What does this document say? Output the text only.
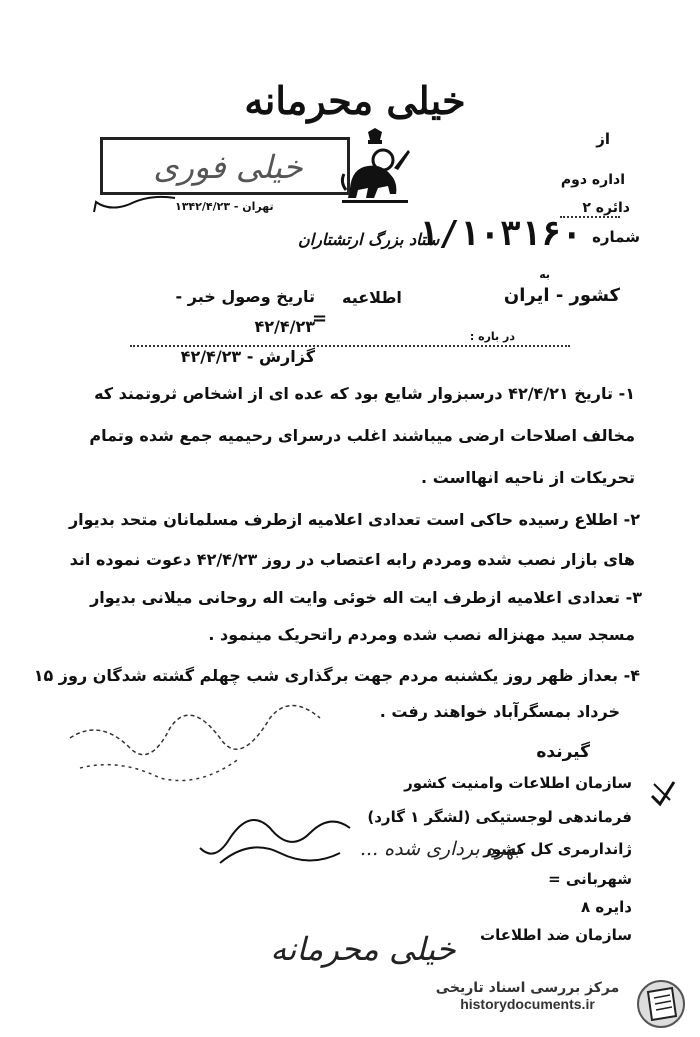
خیلی محرمانه
از
اداره دوم
دائره ۲
شماره
۱/۱۰۳۱۶۰
خیلی فوری
تهران - ۱۳۴۲/۴/۲۳
ستاد بزرگ ارتشتاران
به
کشور - ایران
اطلاعیه
تاریخ وصول خبر - ۴۲/۴/۲۳
گزارش - ۴۲/۴/۲۳
=
در باره :
۱- تاریخ ۴۲/۴/۲۱ درسبزوار شایع بود که عده ای از اشخاص ثروتمند که
مخالف اصلاحات ارضی میباشند اغلب درسرای رحیمیه جمع شده وتمام
تحریکات از ناحیه انهااست .
۲- اطلاع رسیده حاکی است تعدادی اعلامیه ازطرف مسلمانان متحد بدیوار
های بازار نصب شده ومردم رابه اعتصاب در روز ۴۲/۴/۲۳ دعوت نموده اند
۳- تعدادی اعلامیه ازطرف ایت اله خوئی وایت اله روحانی میلانی بدیوار
مسجد سید مهنزاله نصب شده ومردم راتحریک مینمود .
۴- بعداز ظهر روز یکشنبه مردم جهت برگذاری شب چهلم گشته شدگان روز ۱۵
خرداد بمسگرآباد خواهند رفت .
گیرنده
سازمان اطلاعات وامنیت کشور
فرماندهی لوجستیکی (لشگر ۱ گارد)
ژاندارمری کل کشور
شهربانی =
دایره ۸
سازمان ضد اطلاعات
بهره برداری شده ...
خیلی محرمانه
مرکز بررسی اسناد تاریخی
historydocuments.ir
